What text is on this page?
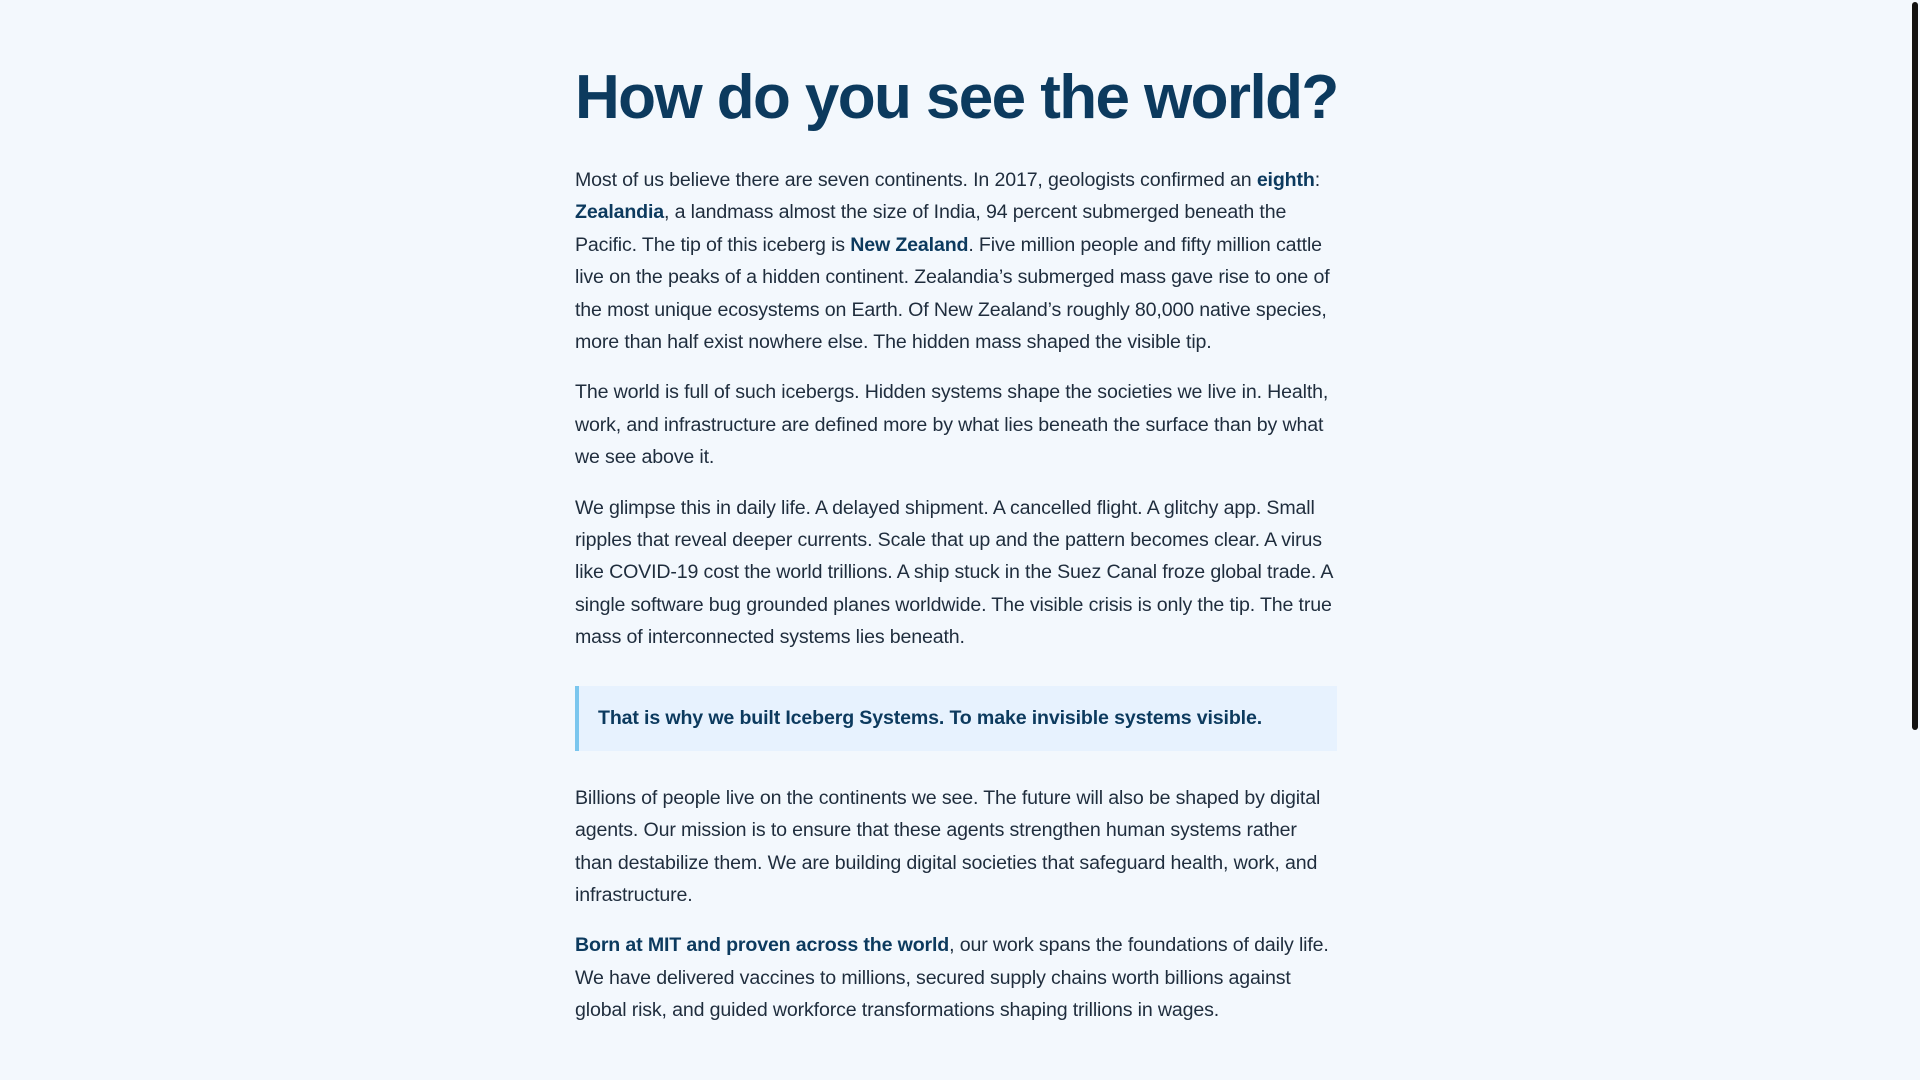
How do you see the world?

Most of us believe there are seven continents. In 2017, geologists confirmed an eighth: Zealandia, a landmass almost the size of India, 94 percent submerged beneath the Pacific. The tip of this iceberg is New Zealand. Five million people and fifty million cattle live on the peaks of a hidden continent. Zealandia’s submerged mass gave rise to one of the most unique ecosystems on Earth. Of New Zealand’s roughly 80,000 native species, more than half exist nowhere else. The hidden mass shaped the visible tip.

The world is full of such icebergs. Hidden systems shape the societies we live in. Health, work, and infrastructure are defined more by what lies beneath the surface than by what we see above it.

We glimpse this in daily life. A delayed shipment. A cancelled flight. A glitchy app. Small ripples that reveal deeper currents. Scale that up and the pattern becomes clear. A virus like COVID-19 cost the world trillions. A ship stuck in the Suez Canal froze global trade. A single software bug grounded planes worldwide. The visible crisis is only the tip. The true mass of interconnected systems lies beneath.

That is why we built Iceberg Systems. To make invisible systems visible.

Billions of people live on the continents we see. The future will also be shaped by digital agents. Our mission is to ensure that these agents strengthen human systems rather than destabilize them. We are building digital societies that safeguard health, work, and infrastructure.

Born at MIT and proven across the world, our work spans the foundations of daily life. We have delivered vaccines to millions, secured supply chains worth billions against global risk, and guided workforce transformations shaping trillions in wages.
